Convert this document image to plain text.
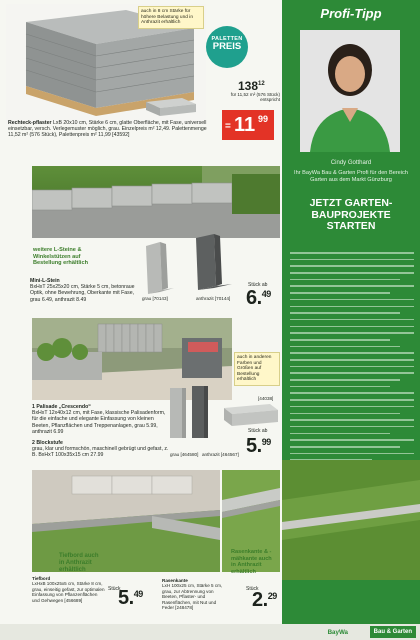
auch in 8 cm Stärke für höhere Belastung und in Anthrazit erhältlich
PALETTEN
PREIS
$138^{12}$
für 11,52 m² (576 Stück)
entspricht
= 11 99
Rechteck-pflaster LxB 20x10 cm, Stärke 6 cm, glatte Oberfläche, mit Fase, universell einsetzbar, versch. Verlegemuster möglich, grau. Einzelpreis m² 12,49. Palettenmenge 11,52 m² (576 Stück), Palettenpreis m² 11,99 [43592]
weitere L-Steine & Winkelstützen auf Bestellung erhältlich
Mini-L-Stein
BxHxT 25x25x20 cm, Stärke 5 cm, betonraue Optik, ohne Bewehrung, Oberkante mit Fase, grau 6.49, anthrazit 8.49	grau [70143]	anthrazit [70144]
Stück ab
6.49
auch in anderen Farben und Größen auf Bestellung erhältlich
[44038]
1 Palisade „Crescendo“
BxHxT 12x40x12 cm, mit Fase, klassische Palisadenform, für die einfache und elegante Einfassung von kleinen Beeten, Pflanzflächen und Treppenanlagen, grau 5.99, anthrazit 6.99
2 Blockstufe
grau, klar und formschön, maschinell gebrügt und gefast, z. B. BxHxT 100x35x15 cm 27.99	grau [464580] anthrazit [464567]
Stück ab
5.99
Tiefbord auch in Anthrazit erhältlich
Rasenkante & -mähkante auch in Anthrazit erhältlich
Tiefbord
LxHxB 100x25x5 cm, Stärke 8 cm, grau, einseitig gefast, zur optimalen Einfassung von Pflanzenflächen und Gehwegen [456689]
Stück
5.49
Rasenkante
LxH 100x25 cm, Stärke 5 cm, grau, zur Abtrennung von Beeten, Pflaster- und Rasenflächen, mit Nut und Feder [248478]
Stück
2.29

Profi-Tipp
Cindy Gotthard
Ihr BayWa Bau & Garten Profi für den Bereich Garten aus dem Markt Günzburg
JETZT GARTEN-BAUPROJEKTE STARTEN
BayWa	Bau & Garten
